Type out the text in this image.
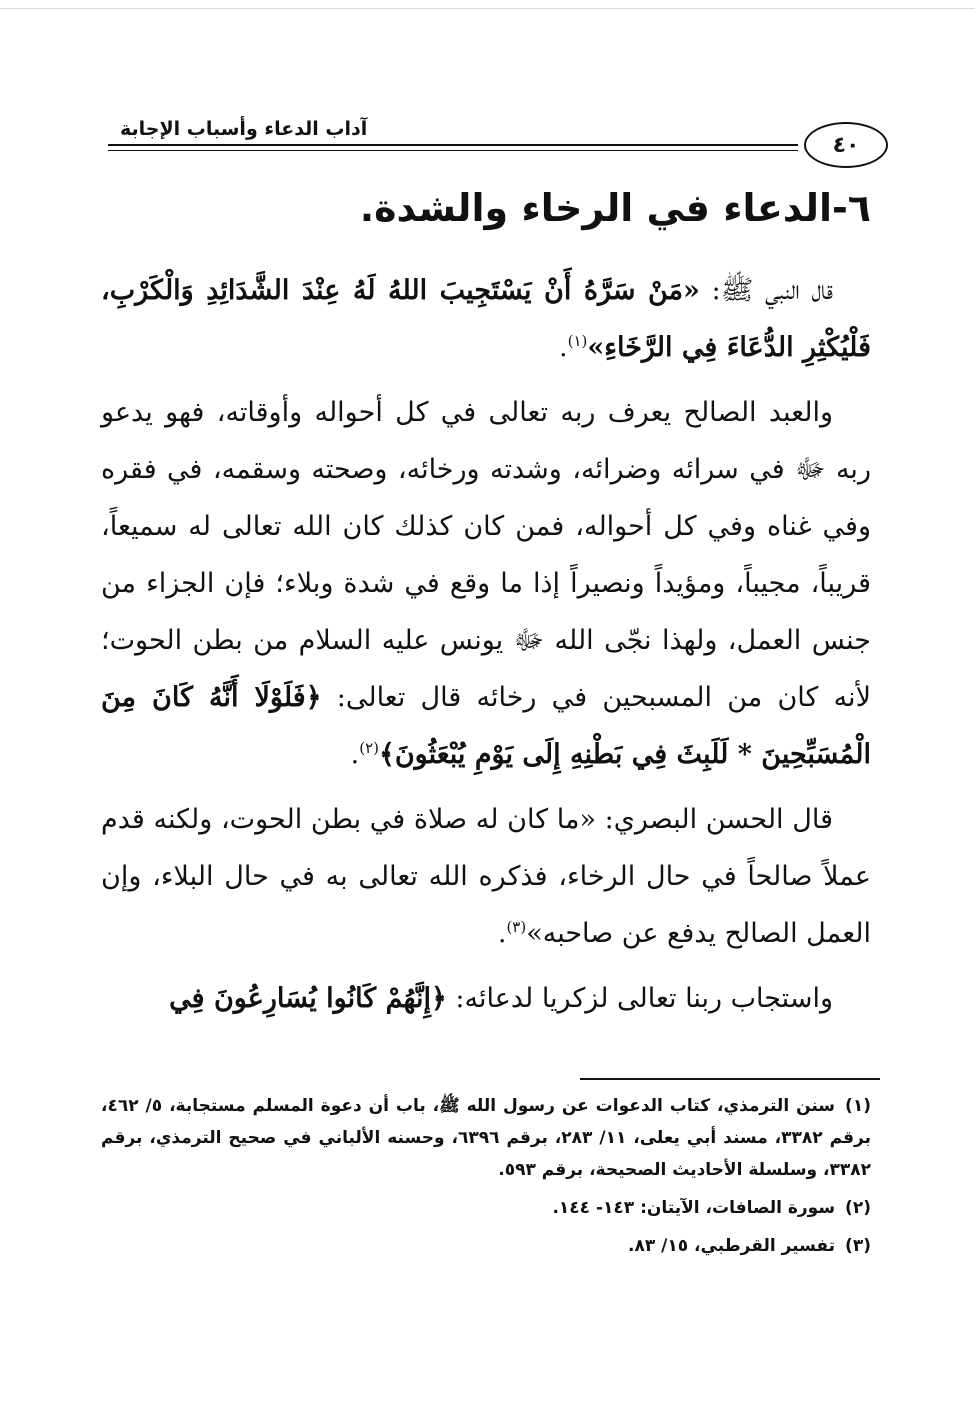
آداب الدعاء وأسباب الإجابة
٤٠
٦-الدعاء في الرخاء والشدة.

قال النبي ﷺ: «مَنْ سَرَّهُ أَنْ يَسْتَجِيبَ اللهُ لَهُ عِنْدَ الشَّدَائِدِ وَالْكَرْبِ، فَلْيُكْثِرِ الدُّعَاءَ فِي الرَّخَاءِ»$^{(١)}$.

والعبد الصالح يعرف ربه تعالى في كل أحواله وأوقاته، فهو يدعو ربه ﷻ في سرائه وضرائه، وشدته ورخائه، وصحته وسقمه، في فقره وفي غناه وفي كل أحواله، فمن كان كذلك كان الله تعالى له سميعاً، قريباً، مجيباً، ومؤيداً ونصيراً إذا ما وقع في شدة وبلاء؛ فإن الجزاء من جنس العمل، ولهذا نجّى الله ﷻ يونس عليه السلام من بطن الحوت؛ لأنه كان من المسبحين في رخائه قال تعالى: ﴿فَلَوْلَا أَنَّهُ كَانَ مِنَ الْمُسَبِّحِينَ * لَلَبِثَ فِي بَطْنِهِ إِلَى يَوْمِ يُبْعَثُونَ﴾$^{(٢)}$.

قال الحسن البصري: «ما كان له صلاة في بطن الحوت، ولكنه قدم عملاً صالحاً في حال الرخاء، فذكره الله تعالى به في حال البلاء، وإن العمل الصالح يدفع عن صاحبه»$^{(٣)}$.

واستجاب ربنا تعالى لزكريا لدعائه: ﴿إِنَّهُمْ كَانُوا يُسَارِعُونَ فِي

(١)سنن الترمذي، كتاب الدعوات عن رسول الله ﷺ، باب أن دعوة المسلم مستجابة، ٥/ ٤٦٢، برقم ٣٣٨٢، مسند أبي يعلى، ١١/ ٢٨٣، برقم ٦٣٩٦، وحسنه الألباني في صحيح الترمذي، برقم ٣٣٨٢، وسلسلة الأحاديث الصحيحة، برقم ٥٩٣.

(٢)سورة الصافات، الآيتان: ١٤٣- ١٤٤.

(٣)تفسير القرطبي، ١٥/ ٨٣.
